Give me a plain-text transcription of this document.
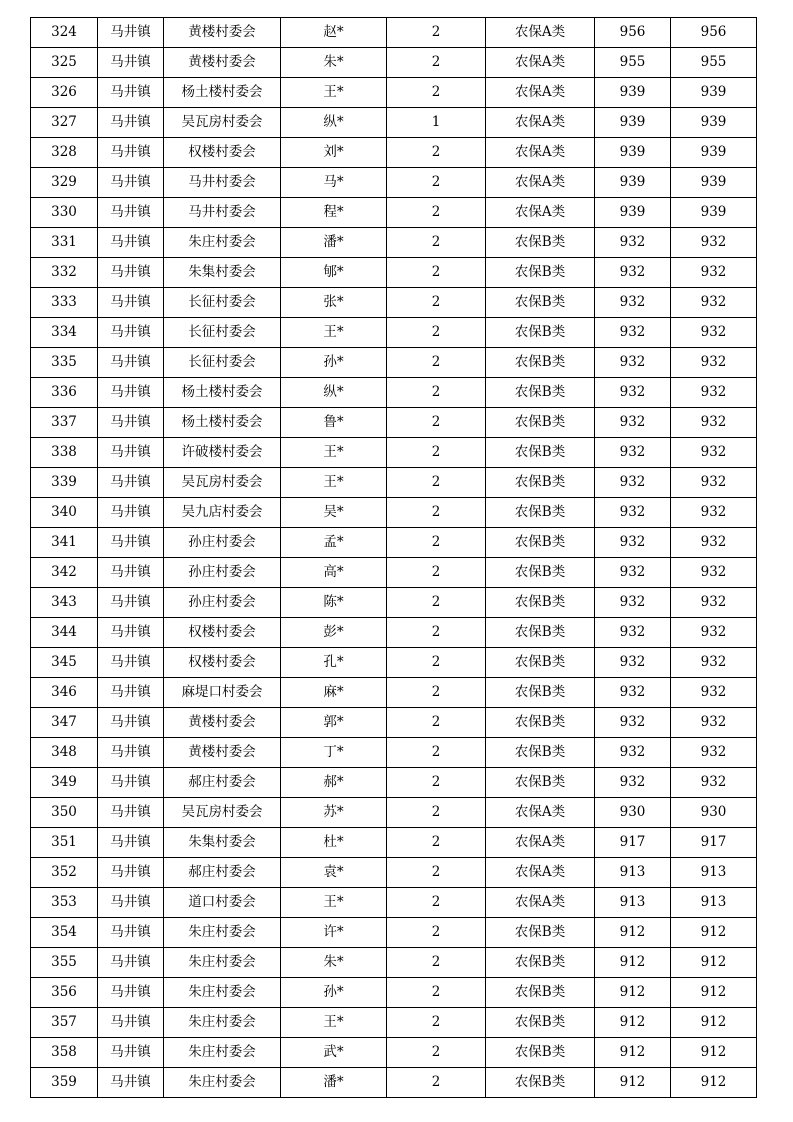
324	马井镇	黄楼村委会	赵*	2	农保A类	956	956
325	马井镇	黄楼村委会	朱*	2	农保A类	955	955
326	马井镇	杨土楼村委会	王*	2	农保A类	939	939
327	马井镇	吴瓦房村委会	纵*	1	农保A类	939	939
328	马井镇	权楼村委会	刘*	2	农保A类	939	939
329	马井镇	马井村委会	马*	2	农保A类	939	939
330	马井镇	马井村委会	程*	2	农保A类	939	939
331	马井镇	朱庄村委会	潘*	2	农保B类	932	932
332	马井镇	朱集村委会	郇*	2	农保B类	932	932
333	马井镇	长征村委会	张*	2	农保B类	932	932
334	马井镇	长征村委会	王*	2	农保B类	932	932
335	马井镇	长征村委会	孙*	2	农保B类	932	932
336	马井镇	杨土楼村委会	纵*	2	农保B类	932	932
337	马井镇	杨土楼村委会	鲁*	2	农保B类	932	932
338	马井镇	许破楼村委会	王*	2	农保B类	932	932
339	马井镇	吴瓦房村委会	王*	2	农保B类	932	932
340	马井镇	吴九店村委会	吴*	2	农保B类	932	932
341	马井镇	孙庄村委会	孟*	2	农保B类	932	932
342	马井镇	孙庄村委会	高*	2	农保B类	932	932
343	马井镇	孙庄村委会	陈*	2	农保B类	932	932
344	马井镇	权楼村委会	彭*	2	农保B类	932	932
345	马井镇	权楼村委会	孔*	2	农保B类	932	932
346	马井镇	麻堤口村委会	麻*	2	农保B类	932	932
347	马井镇	黄楼村委会	郭*	2	农保B类	932	932
348	马井镇	黄楼村委会	丁*	2	农保B类	932	932
349	马井镇	郝庄村委会	郝*	2	农保B类	932	932
350	马井镇	吴瓦房村委会	苏*	2	农保A类	930	930
351	马井镇	朱集村委会	杜*	2	农保A类	917	917
352	马井镇	郝庄村委会	袁*	2	农保A类	913	913
353	马井镇	道口村委会	王*	2	农保A类	913	913
354	马井镇	朱庄村委会	许*	2	农保B类	912	912
355	马井镇	朱庄村委会	朱*	2	农保B类	912	912
356	马井镇	朱庄村委会	孙*	2	农保B类	912	912
357	马井镇	朱庄村委会	王*	2	农保B类	912	912
358	马井镇	朱庄村委会	武*	2	农保B类	912	912
359	马井镇	朱庄村委会	潘*	2	农保B类	912	912
